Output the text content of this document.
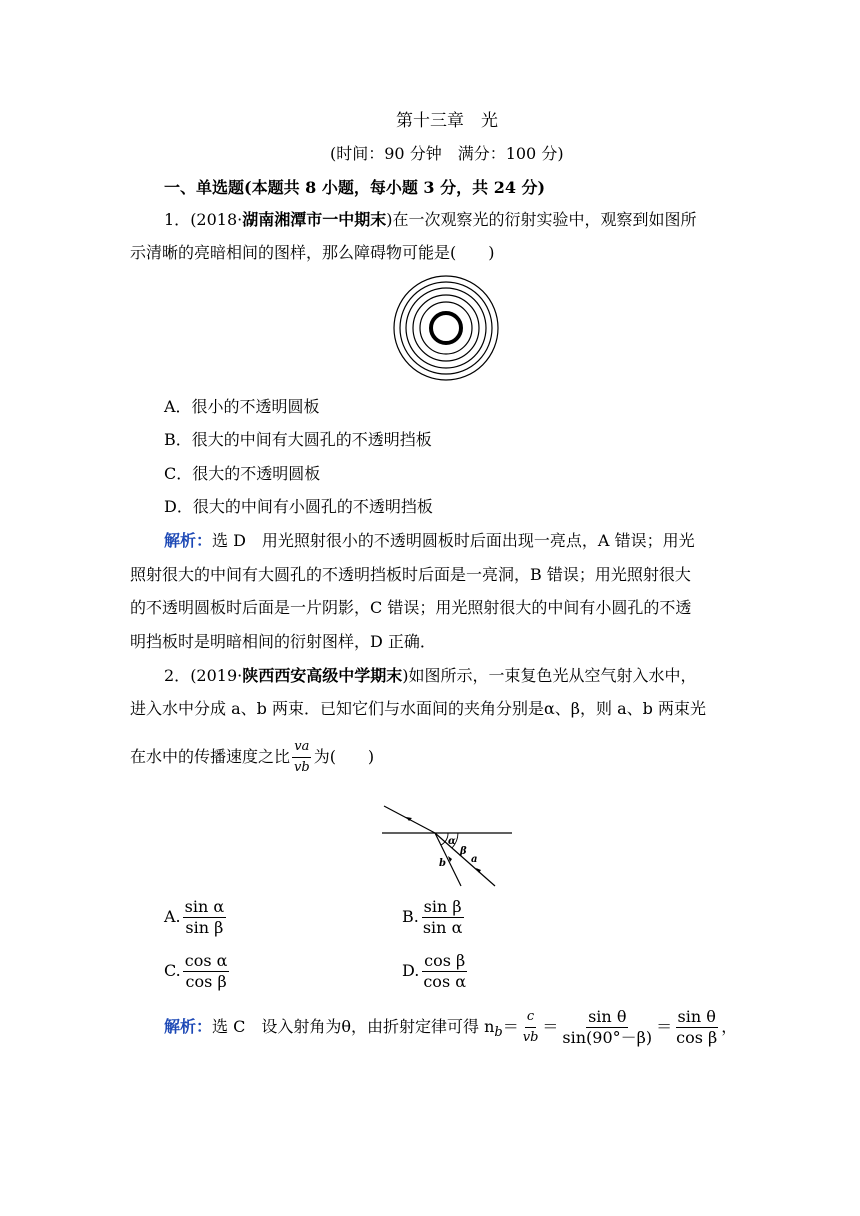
第十三章　光
(时间：90 分钟　满分：100 分)
一、单选题(本题共 8 小题，每小题 3 分，共 24 分)
1．(2018·湖南湘潭市一中期末)在一次观察光的衍射实验中，观察到如图所
示清晰的亮暗相间的图样，那么障碍物可能是(　　)
A．很小的不透明圆板
B．很大的中间有大圆孔的不透明挡板
C．很大的不透明圆板
D．很大的中间有小圆孔的不透明挡板
解析：选 D　用光照射很小的不透明圆板时后面出现一亮点，A 错误；用光
照射很大的中间有大圆孔的不透明挡板时后面是一亮洞，B 错误；用光照射很大
的不透明圆板时后面是一片阴影，C 错误；用光照射很大的中间有小圆孔的不透
明挡板时是明暗相间的衍射图样，D 正确．
2．(2019·陕西西安高级中学期末)如图所示，一束复色光从空气射入水中，
进入水中分成 a、b 两束．已知它们与水面间的夹角分别是α、β，则 a、b 两束光
在水中的传播速度之比 $\frac{va}{vb}$ 为(　　)
α
β
a
b
A. $\frac{\text{sin α}}{\text{sin β}}$	B. $\frac{\text{sin β}}{\text{sin α}}$
C. $\frac{\text{cos α}}{\text{cos β}}$	D. $\frac{\text{cos β}}{\text{cos α}}$
解析：选 C　设入射角为θ，由折射定律可得 $n_b= \frac{c}{vb} = \frac{\text{sin θ}}{\sin(90^\circ-\beta)} = \frac{\text{sin θ}}{\text{cos β}}$ ，
